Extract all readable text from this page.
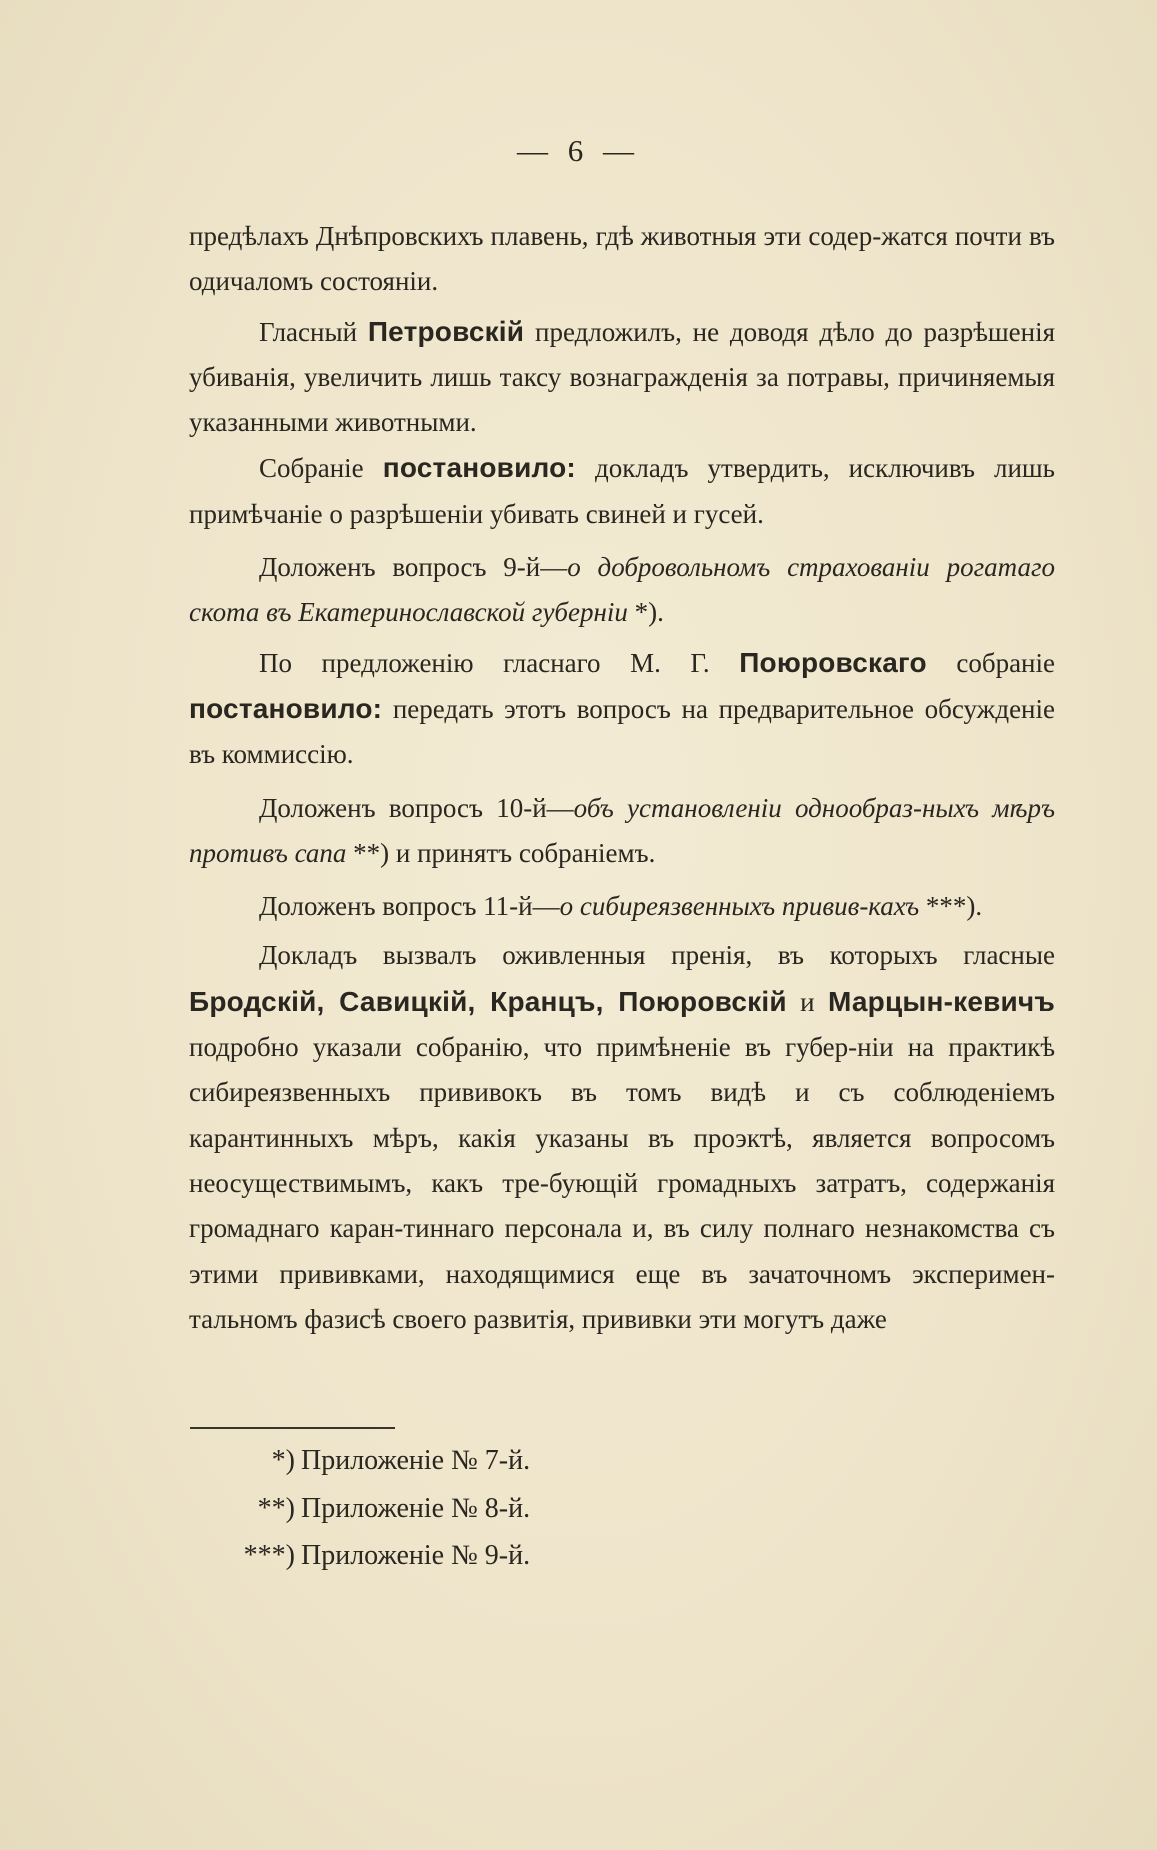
— 6 —

предѣлахъ Днѣпровскихъ плавень, гдѣ животныя эти содер-жатся почти въ одичаломъ состояніи.

Гласный Петровскій предложилъ, не доводя дѣло до разрѣшенія убиванія, увеличить лишь таксу вознагражденія за потравы, причиняемыя указанными животными.

Собраніе постановило: докладъ утвердить, исключивъ лишь примѣчаніе о разрѣшеніи убивать свиней и гусей.

Доложенъ вопросъ 9-й—о добровольномъ страхованіи рогатаго скота въ Екатеринославской губерніи *).

По предложенію гласнаго М. Г. Поюровскаго собраніе постановило: передать этотъ вопросъ на предварительное обсужденіе въ коммиссію.

Доложенъ вопросъ 10-й—объ установленіи однообраз-ныхъ мѣръ противъ сапа **) и принятъ собраніемъ.

Доложенъ вопросъ 11-й—о сибиреязвенныхъ привив-кахъ ***).

Докладъ вызвалъ оживленныя пренія, въ которыхъ гласные Бродскій, Савицкій, Кранцъ, Поюровскій и Марцын-кевичъ подробно указали собранію, что примѣненіе въ губер-ніи на практикѣ сибиреязвенныхъ прививокъ въ томъ видѣ и съ соблюденіемъ карантинныхъ мѣръ, какія указаны въ проэктѣ, является вопросомъ неосуществимымъ, какъ тре-бующій громадныхъ затратъ, содержанія громаднаго каран-тиннаго персонала и, въ силу полнаго незнакомства съ этими прививками, находящимися еще въ зачаточномъ эксперимен-тальномъ фазисѣ своего развитія, прививки эти могутъ даже

*) Приложеніе № 7-й.
**) Приложеніе № 8-й.
***) Приложеніе № 9-й.
